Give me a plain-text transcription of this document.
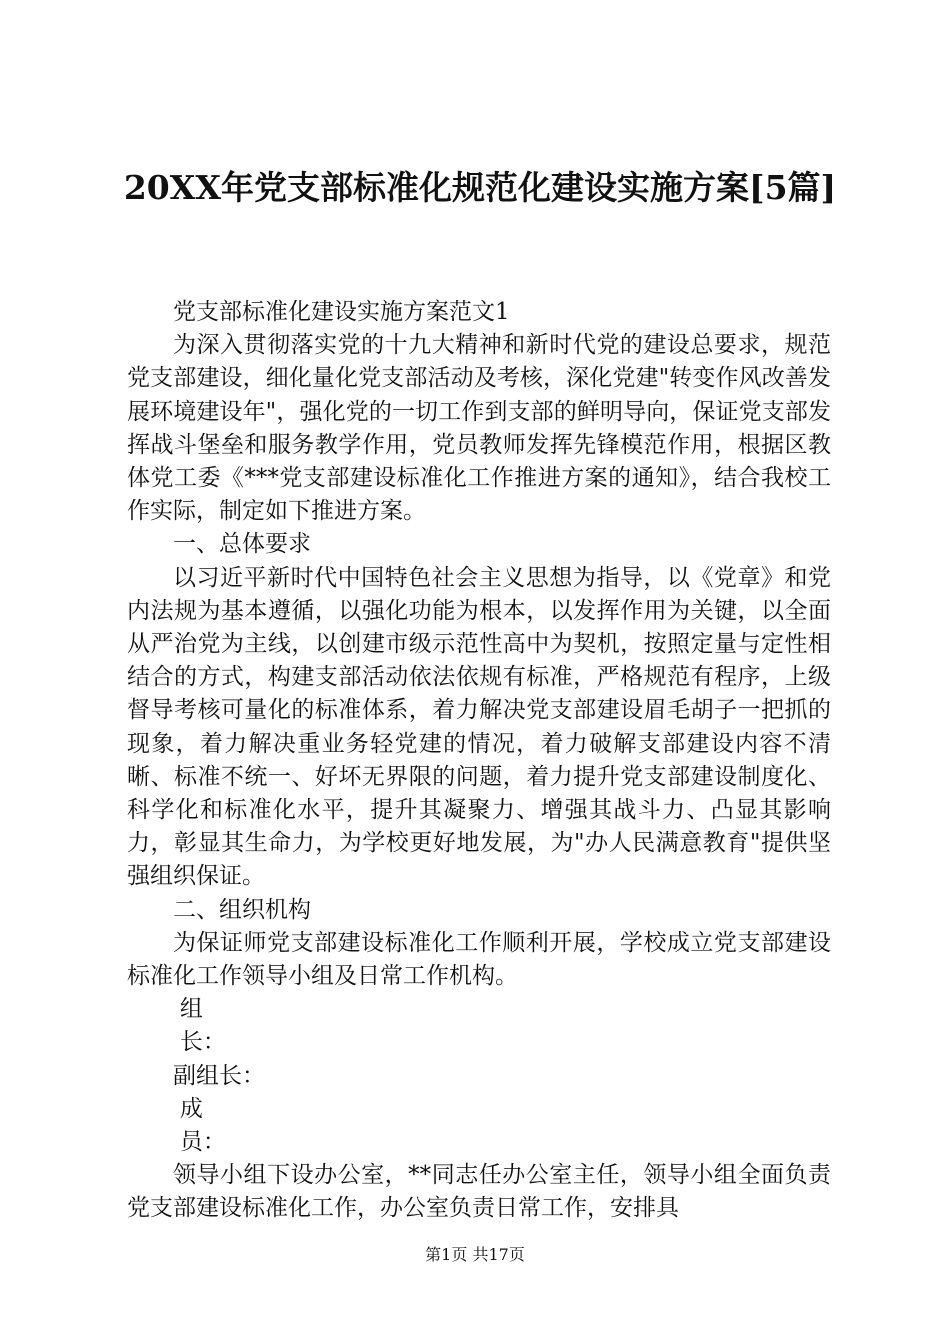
20XX年党支部标准化规范化建设实施方案[5篇]

党支部标准化建设实施方案范文1

为深入贯彻落实党的十九大精神和新时代党的建设总要求，规范党支部建设，细化量化党支部活动及考核，深化党建"转变作风改善发展环境建设年"，强化党的一切工作到支部的鲜明导向，保证党支部发挥战斗堡垒和服务教学作用，党员教师发挥先锋模范作用，根据区教体党工委《***党支部建设标准化工作推进方案的通知》，结合我校工作实际，制定如下推进方案。

一、总体要求

以习近平新时代中国特色社会主义思想为指导，以《党章》和党内法规为基本遵循，以强化功能为根本，以发挥作用为关键，以全面从严治党为主线，以创建市级示范性高中为契机，按照定量与定性相结合的方式，构建支部活动依法依规有标准，严格规范有程序，上级督导考核可量化的标准体系，着力解决党支部建设眉毛胡子一把抓的现象，着力解决重业务轻党建的情况，着力破解支部建设内容不清晰、标准不统一、好坏无界限的问题，着力提升党支部建设制度化、科学化和标准化水平，提升其凝聚力、增强其战斗力、凸显其影响力，彰显其生命力，为学校更好地发展，为"办人民满意教育"提供坚强组织保证。

二、组织机构

为保证师党支部建设标准化工作顺利开展，学校成立党支部建设标准化工作领导小组及日常工作机构。

组长：

副组长：

成员：

领导小组下设办公室，**同志任办公室主任，领导小组全面负责党支部建设标准化工作，办公室负责日常工作，安排具

第1页 共17页
